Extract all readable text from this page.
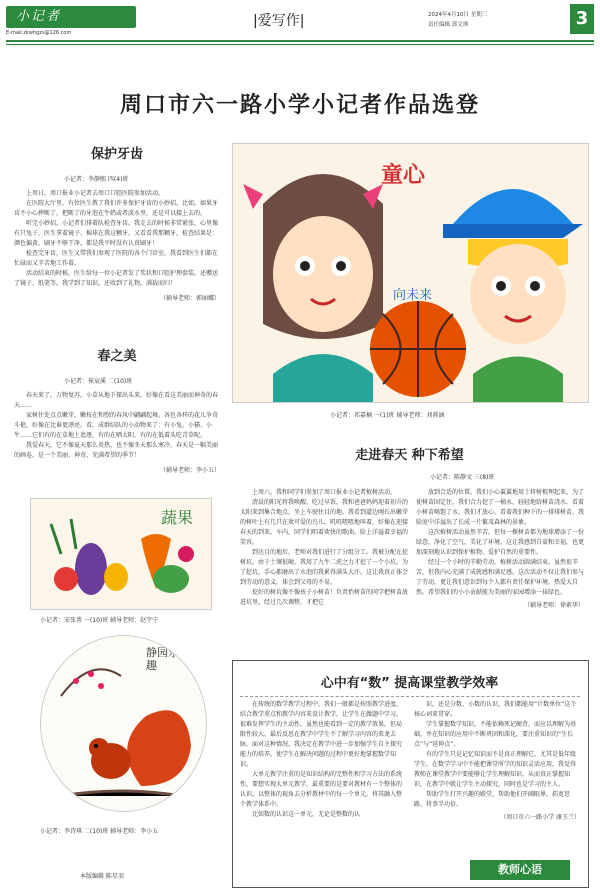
小记者
E-mail:zkwhgzs@126.com
|爱写作|	2024年4月10日 星期三
责任编辑 郭文飒	3
周口市六一路小学小记者作品选登
保护牙齿
小记者：李静熙 四(4)班

上周日，周口报业小记者去周口口腔医院参加活动。

在医院大厅里，有位医生教了我们许多保护牙齿的小妙招。比如，如果牙齿不小心摔断了，把断了的牙泡在牛奶或者淡水里，还是可以接上去的。

听完小妙招，小记者们排着队检查牙齿。我走去的时候非常紧张，心里像有只兔子，医生拿着镜子、棉球在我这颗牙，又看看我那颗牙，检查结果是：颜色偏黄，刷牙不够干净，都是我平时没有认真刷牙！

检查完牙齿，医生又带我们参观了医院的各个门诊室。我看到医生们都在忙碌而又辛苦地工作着。

活动结束的时候，医生给每一位小记者发了奖状和口腔护理套装。还赠送了镜子、纸笔等。我学到了知识，还收到了礼物，满载而归！

（辅导老师：郭丽娜）
春之美
小记者：崔宸溪 二(10)班

春天来了，万物复苏，小草从地下探出头来，好像在看这美丽而神奇的春天……

家树住处点点嫩芽，嫩枝在和煦的春风中翩翩起舞。各色各样的花儿争奇斗艳，好像在比谁更漂亮。看，成群结队的小动物来了：有小兔、小猫、小牛……它们有的在草地上追逐，有的在晒太阳，有的在低着头吃青草呢。

我爱春天，它不像夏天那么炎热，也不像冬天那么寒冷。春天是一幅美丽的画卷，是一个美丽、神奇、充满希望的季节！

（辅导老师：李小五）
蔬果
小记者：宋张菁 一(10)班 辅导老师：赵宇宁
静园乐趣
小记者：李诗琪 二(10)班 辅导老师：李小五
本版编辑 陈星羽
童心
向未来
小记者：祁嘉楠 一(1)班 辅导老师：刘燕涵
走进春天 种下希望
小记者：陈静文 三(8)班

上周六，我和同学们参加了周口报业小记者植树活动。

清晨的阳光将我唤醒，吃过早饭，我和爸爸妈妈迎着初升的太阳来到集合地点，坐上车驶往目的地。我看到道边刚长出嫩芽的树叶上有几只在欢可爱的鸟儿，叽叽喳喳地叫着，好像在迎接春天的到来。车内，同学们唱着欢快的歌曲，脸上洋溢着幸福的笑容。

到达目的地后，老师对我们进行了分组分工。我被分配在挖树坑。由于土壤很硬，我用了九牛二虎之力才挖了一个小坑。为了挖坑，手心都磨出了水泡的我累得满头大汗。这让我真正体会到劳动的意义，体会到父母的不易。

挖好的树坑像不像孩子小树苗！负责抬树苗的同学把树苗放进坑里，经过几次调整，才把它

放到合适的位置。我们小心翼翼地用土将树根埋起来，为了使树苗固定住，我们合力挖了一桶水，轻轻地给树苗浇水。看着小树苗喝饱了水，我们才放心。看着我们种下的一排排树苗，我脸庞中洋溢出了长成一片繁茂森林的景象。

这次植树活动虽然辛苦，但每一棵树苗都为地球增添了一份绿意，净化了空气，美化了环境。这让我感到自豪和幸福，也更加深刻地认识到保护植物、爱护自然的重要性。

经过一个小时的辛勤劳动，植树活动圆满结束。虽然很辛苦，但我内心充满了成就感和满足感。这次活动不仅让我们参与了劳动，更让我们意识到每个人都有责任保护环境、热爱大自然。希望我们的小小贡献能为美丽的家园增添一抹绿色。

（辅导老师：徐素华）
心中有“数” 提高课堂教学效率

在传统的数学教学过程中，我们一般都是按照教学进度，结合教学重点和教学内容来设计教学，让学生在做题中学习，很难发挥学生的主动性，虽然也能看到一定的教学效果，但局限性较大，最后反思在教学中学生不了解学习内容的来龙去脉，面对这种情况，我决定在教学中进一步加强学生自主探究能力的培养，使学生在解决问题的过程中更好地掌握数学知识。

大单元教学注重的是知识结构的完整性和学习方法的系统性，要想实现大单元教学，最重要的是要对教材有一个整体的认识，以整体的视角去分析教材中的每一个单元，将其融入整个教学体系中。

比如数的认识这一单元，无论是整数的认

识，还是分数、小数的认识，我们都能用“计数单位”这个核心词来贯穿。

学生掌握数学知识，不能依赖死记硬背，而应以理解为基础，并在知识的应用中不断巩固和深化，要注重知识的“生长点”与“延伸点”。

有的学生只是记忆知识而不是真正理解它，尤其是低年级学生，在数学学习中不能把课堂所学的知识灵活应用，我觉得教师在课堂教学中要能够让学生理解知识，从而真正掌握知识，在教学中就让学生主动探究，同时也是学习的主人。

帮助学生打开兴趣的殿堂，帮助他们开阔眼界，拓宽思路，将事半功倍。

（周口市六一路小学 康玉兰）
教师心语
